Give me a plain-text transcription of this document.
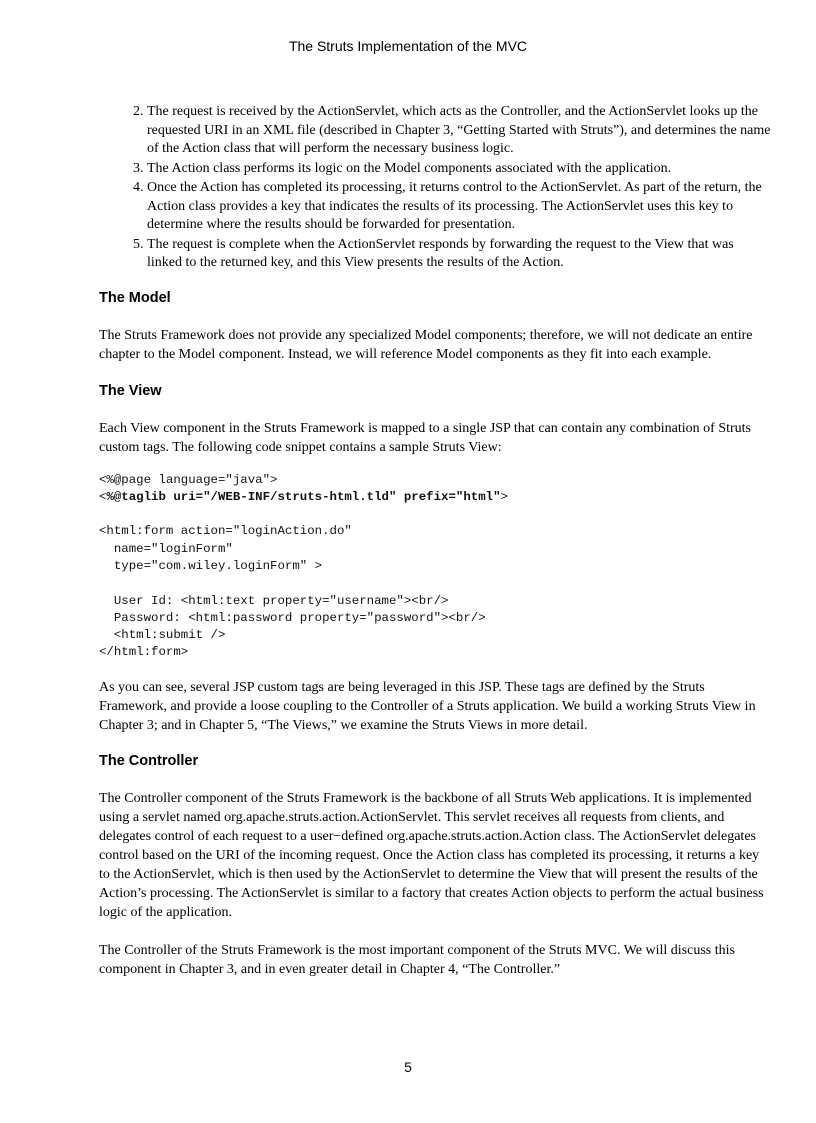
The Struts Implementation of the MVC
2. The request is received by the ActionServlet, which acts as the Controller, and the ActionServlet looks up the requested URI in an XML file (described in Chapter 3, “Getting Started with Struts”), and determines the name of the Action class that will perform the necessary business logic.
3. The Action class performs its logic on the Model components associated with the application.
4. Once the Action has completed its processing, it returns control to the ActionServlet. As part of the return, the Action class provides a key that indicates the results of its processing. The ActionServlet uses this key to determine where the results should be forwarded for presentation.
5. The request is complete when the ActionServlet responds by forwarding the request to the View that was linked to the returned key, and this View presents the results of the Action.
The Model

The Struts Framework does not provide any specialized Model components; therefore, we will not dedicate an entire chapter to the Model component. Instead, we will reference Model components as they fit into each example.

The View

Each View component in the Struts Framework is mapped to a single JSP that can contain any combination of Struts custom tags. The following code snippet contains a sample Struts View:

<%@page language="java">
<%@taglib uri="/WEB-INF/struts-html.tld" prefix="html">

<html:form action="loginAction.do"
name="loginForm"
type="com.wiley.loginForm" >

User Id: <html:text property="username"><br/>
Password: <html:password property="password"><br/>
<html:submit />
</html:form>

As you can see, several JSP custom tags are being leveraged in this JSP. These tags are defined by the Struts Framework, and provide a loose coupling to the Controller of a Struts application. We build a working Struts View in Chapter 3; and in Chapter 5, “The Views,” we examine the Struts Views in more detail.

The Controller

The Controller component of the Struts Framework is the backbone of all Struts Web applications. It is implemented using a servlet named org.apache.struts.action.ActionServlet. This servlet receives all requests from clients, and delegates control of each request to a user−defined org.apache.struts.action.Action class. The ActionServlet delegates control based on the URI of the incoming request. Once the Action class has completed its processing, it returns a key to the ActionServlet, which is then used by the ActionServlet to determine the View that will present the results of the Action’s processing. The ActionServlet is similar to a factory that creates Action objects to perform the actual business logic of the application.

The Controller of the Struts Framework is the most important component of the Struts MVC. We will discuss this component in Chapter 3, and in even greater detail in Chapter 4, “The Controller.”

5
